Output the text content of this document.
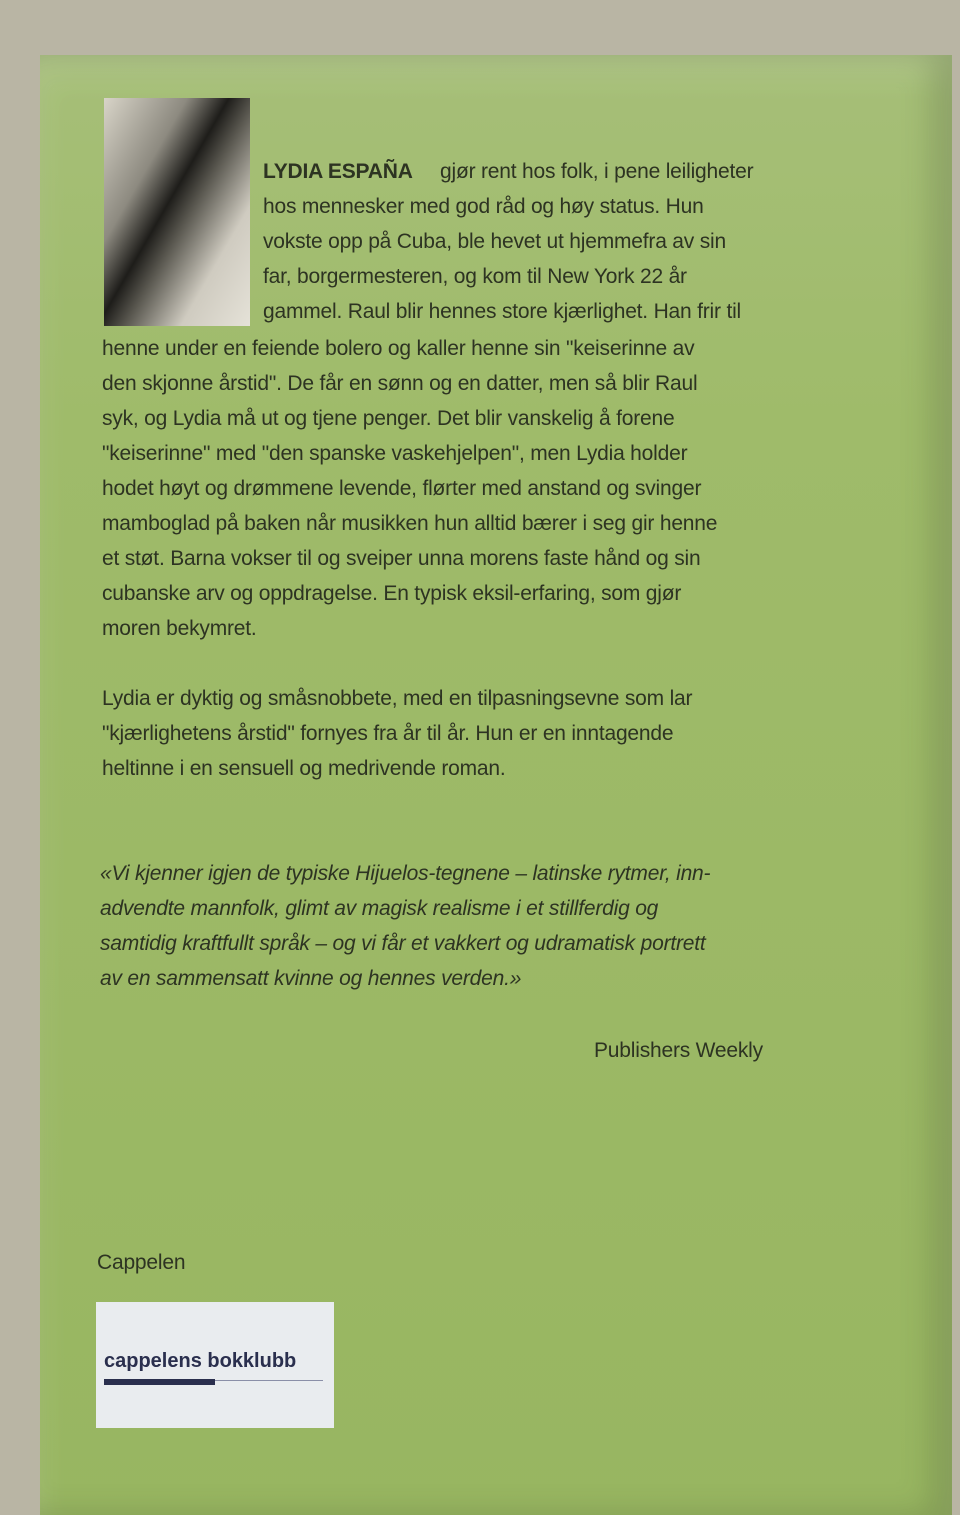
LYDIA ESPAÑA gjør rent hos folk, i pene leiligheter
hos mennesker med god råd og høy status. Hun
vokste opp på Cuba, ble hevet ut hjemmefra av sin
far, borgermesteren, og kom til New York 22 år
gammel. Raul blir hennes store kjærlighet. Han frir til
henne under en feiende bolero og kaller henne sin "keiserinne av
den skjonne årstid". De får en sønn og en datter, men så blir Raul
syk, og Lydia må ut og tjene penger. Det blir vanskelig å forene
"keiserinne" med "den spanske vaskehjelpen", men Lydia holder
hodet høyt og drømmene levende, flørter med anstand og svinger
mamboglad på baken når musikken hun alltid bærer i seg gir henne
et støt. Barna vokser til og sveiper unna morens faste hånd og sin
cubanske arv og oppdragelse. En typisk eksil-erfaring, som gjør
moren bekymret.
Lydia er dyktig og småsnobbete, med en tilpasningsevne som lar
"kjærlighetens årstid" fornyes fra år til år. Hun er en inntagende
heltinne i en sensuell og medrivende roman.
«Vi kjenner igjen de typiske Hijuelos-tegnene – latinske rytmer, inn-
advendte mannfolk, glimt av magisk realisme i et stillferdig og
samtidig kraftfullt språk – og vi får et vakkert og udramatisk portrett
av en sammensatt kvinne og hennes verden.»
Publishers Weekly
Cappelen
cappelens bokklubb
